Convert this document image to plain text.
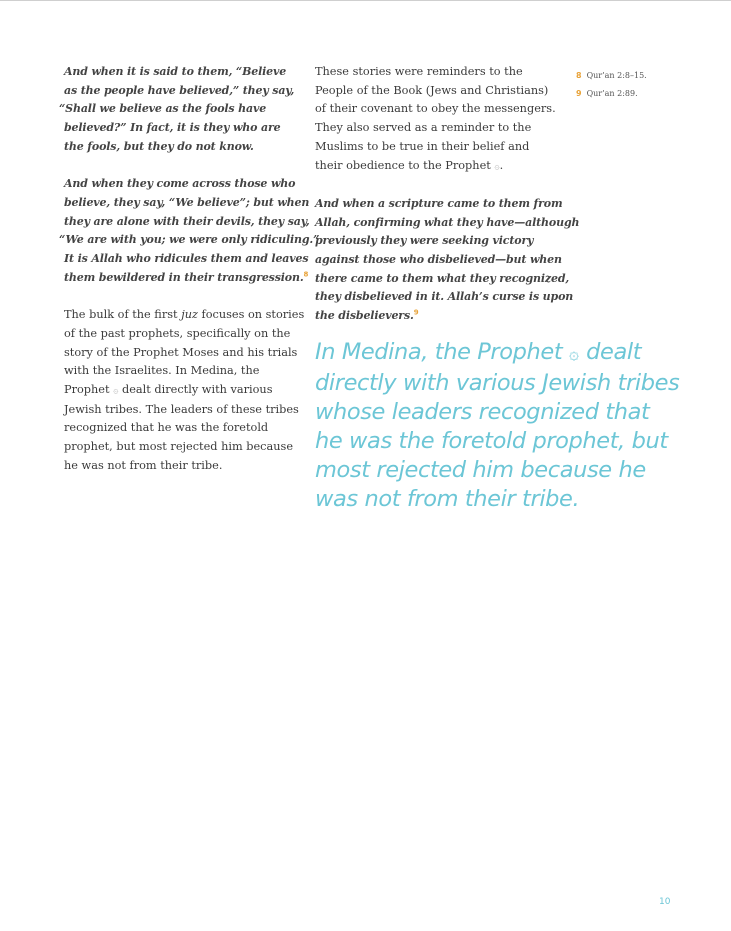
And when it is said to them, “Believe
as the people have believed,” they say,
“Shall we believe as the fools have
believed?” In fact, it is they who are
the fools, but they do not know.

And when they come across those who
believe, they say, “We believe”; but when
they are alone with their devils, they say,
“We are with you; we were only ridiculing.”
It is Allah who ridicules them and leaves
them bewildered in their transgression.$^8$

The bulk of the first juz focuses on stories
of the past prophets, specifically on the
story of the Prophet Moses and his trials
with the Israelites. In Medina, the
Prophet ۞ dealt directly with various
Jewish tribes. The leaders of these tribes
recognized that he was the foretold
prophet, but most rejected him because
he was not from their tribe.
These stories were reminders to the
People of the Book (Jews and Christians)
of their covenant to obey the messengers.
They also served as a reminder to the
Muslims to be true in their belief and
their obedience to the Prophet ۞.

And when a scripture came to them from
Allah, confirming what they have—although
previously they were seeking victory
against those who disbelieved—but when
there came to them what they recognized,
they disbelieved in it. Allah’s curse is upon
the disbelievers.$^9$

8 Qur’an 2:8–15.
9 Qur’an 2:89.
In Medina, the Prophet ۞ dealt
directly with various Jewish tribes
whose leaders recognized that
he was the foretold prophet, but
most rejected him because he
was not from their tribe.
10
